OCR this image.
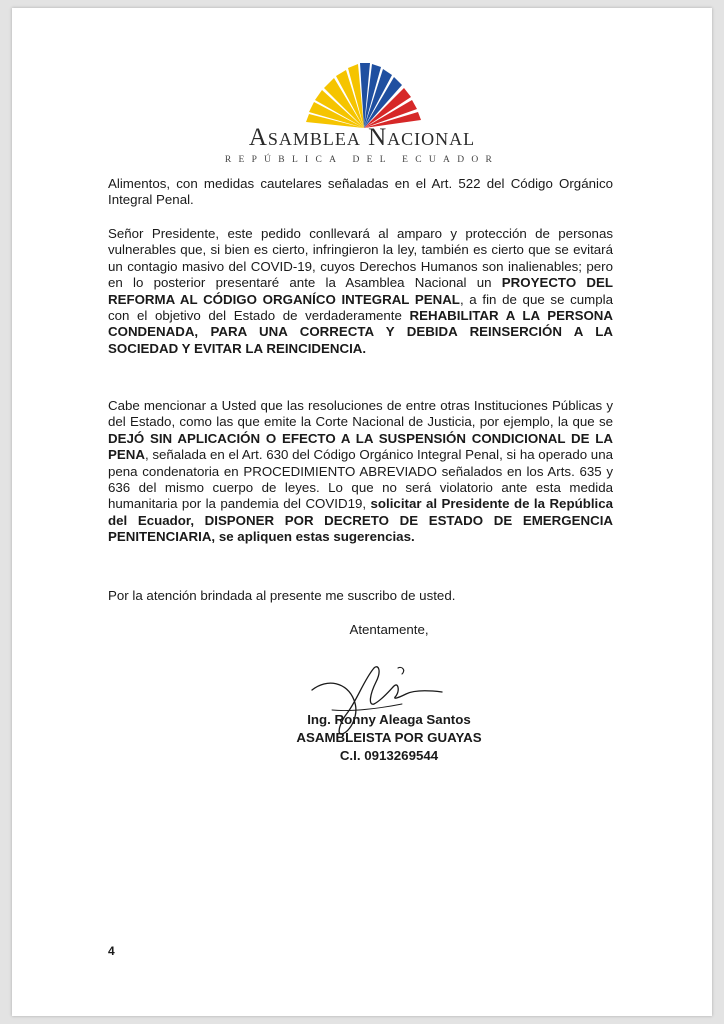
Asamblea Nacional
REPÚBLICA DEL ECUADOR

Alimentos, con medidas cautelares señaladas en el Art. 522 del Código Orgánico Integral Penal.

Señor Presidente, este pedido conllevará al amparo y protección de personas vulnerables que, si bien es cierto, infringieron la ley, también es cierto que se evitará un contagio masivo del COVID-19, cuyos Derechos Humanos son inalienables; pero en lo posterior presentaré ante la Asamblea Nacional un PROYECTO DEL REFORMA AL CÓDIGO ORGANÍCO INTEGRAL PENAL, a fin de que se cumpla con el objetivo del Estado de verdaderamente REHABILITAR A LA PERSONA CONDENADA, PARA UNA CORRECTA Y DEBIDA REINSERCIÓN A LA SOCIEDAD Y EVITAR LA REINCIDENCIA.

Cabe mencionar a Usted que las resoluciones de entre otras Instituciones Públicas y del Estado, como las que emite la Corte Nacional de Justicia, por ejemplo, la que se DEJÓ SIN APLICACIÓN O EFECTO A LA SUSPENSIÓN CONDICIONAL DE LA PENA, señalada en el Art. 630 del Código Orgánico Integral Penal, si ha operado una pena condenatoria en PROCEDIMIENTO ABREVIADO señalados en los Arts. 635 y 636 del mismo cuerpo de leyes. Lo que no será violatorio ante esta medida humanitaria por la pandemia del COVID19, solicitar al Presidente de la República del Ecuador, DISPONER POR DECRETO DE ESTADO DE EMERGENCIA PENITENCIARIA, se apliquen estas sugerencias.

Por la atención brindada al presente me suscribo de usted.

Atentamente,
Ing. Ronny Aleaga Santos
ASAMBLEISTA POR GUAYAS
C.I. 0913269544
4
